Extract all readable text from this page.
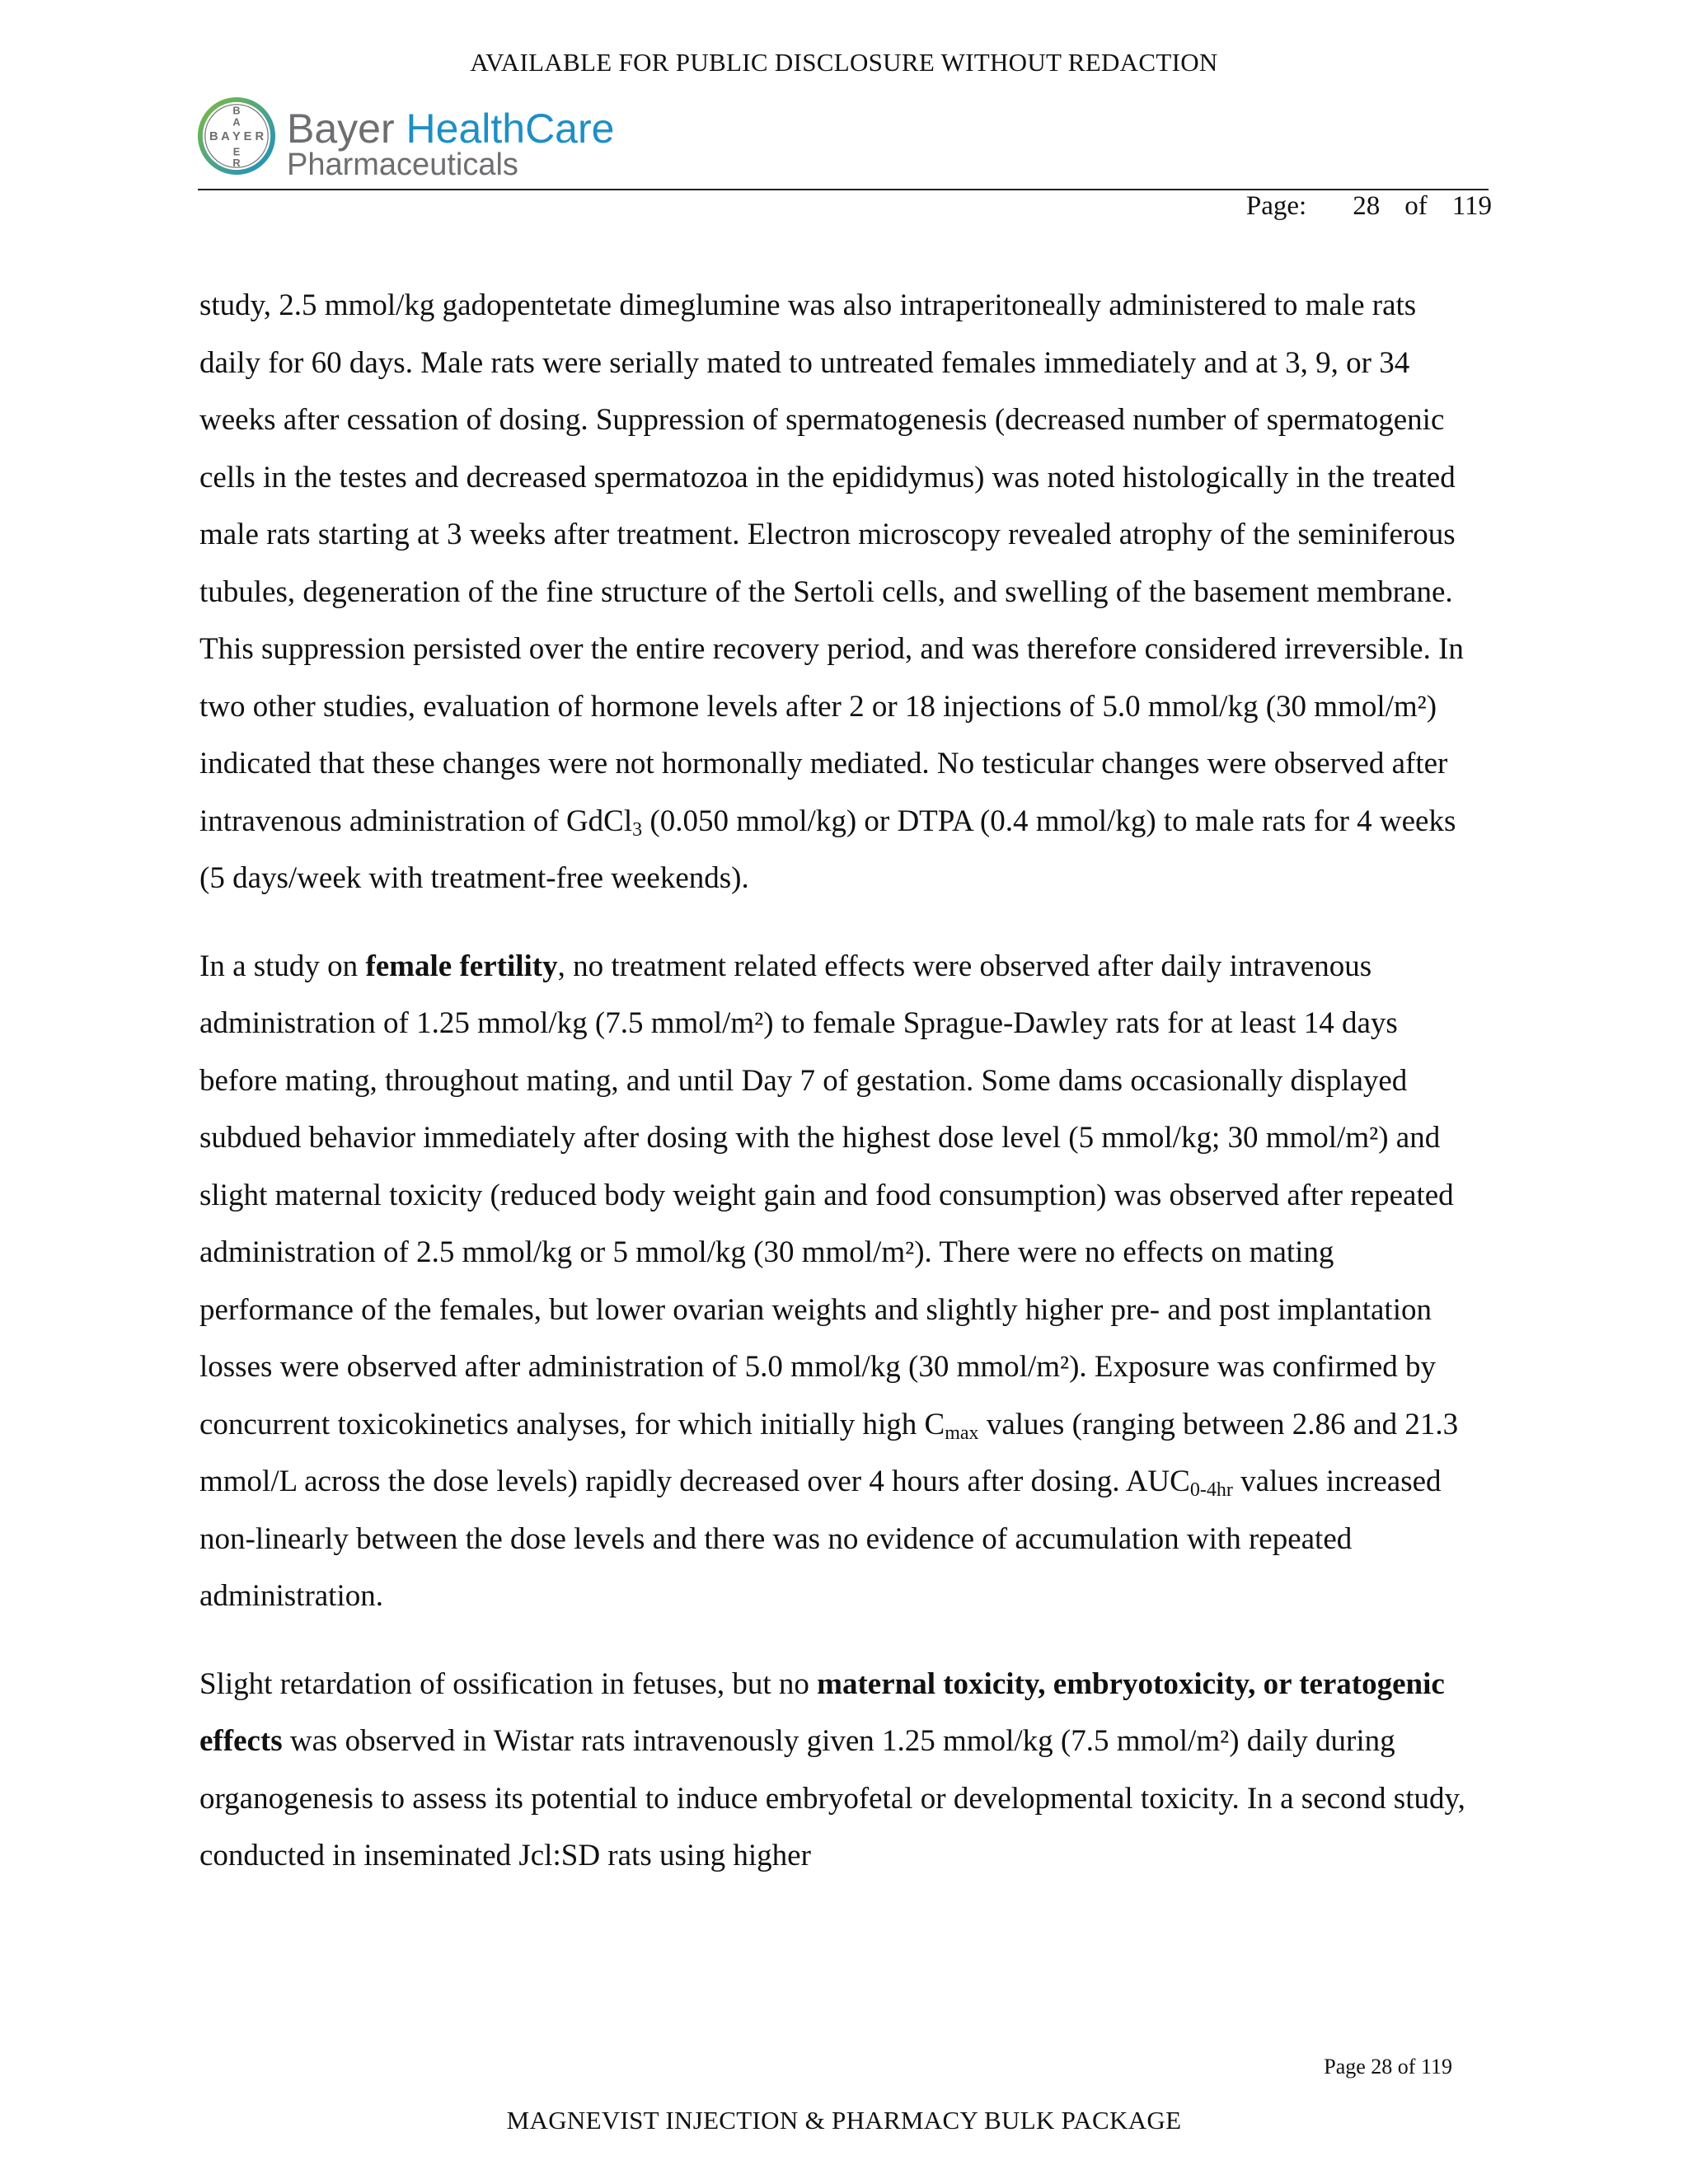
AVAILABLE FOR PUBLIC DISCLOSURE WITHOUT REDACTION
B A Y E R
B
A
E
R
Bayer HealthCare
Pharmaceuticals
Page: 28 of 119

study, 2.5 mmol/kg gadopentetate dimeglumine was also intraperitoneally administered to male rats daily for 60 days. Male rats were serially mated to untreated females immediately and at 3, 9, or 34 weeks after cessation of dosing. Suppression of spermatogenesis (decreased number of spermatogenic cells in the testes and decreased spermatozoa in the epididymus) was noted histologically in the treated male rats starting at 3 weeks after treatment. Electron microscopy revealed atrophy of the seminiferous tubules, degeneration of the fine structure of the Sertoli cells, and swelling of the basement membrane. This suppression persisted over the entire recovery period, and was therefore considered irreversible. In two other studies, evaluation of hormone levels after 2 or 18 injections of 5.0 mmol/kg (30 mmol/m²) indicated that these changes were not hormonally mediated. No testicular changes were observed after intravenous administration of GdCl$_3$ (0.050 mmol/kg) or DTPA (0.4 mmol/kg) to male rats for 4 weeks (5 days/week with treatment-free weekends).

In a study on female fertility, no treatment related effects were observed after daily intravenous administration of 1.25 mmol/kg (7.5 mmol/m²) to female Sprague-Dawley rats for at least 14 days before mating, throughout mating, and until Day 7 of gestation. Some dams occasionally displayed subdued behavior immediately after dosing with the highest dose level (5 mmol/kg; 30 mmol/m²) and slight maternal toxicity (reduced body weight gain and food consumption) was observed after repeated administration of 2.5 mmol/kg or 5 mmol/kg (30 mmol/m²). There were no effects on mating performance of the females, but lower ovarian weights and slightly higher pre- and post implantation losses were observed after administration of 5.0 mmol/kg (30 mmol/m²). Exposure was confirmed by concurrent toxicokinetics analyses, for which initially high $C_{max}$ values (ranging between 2.86 and 21.3 mmol/L across the dose levels) rapidly decreased over 4 hours after dosing. $AUC_{0-4hr}$ values increased non-linearly between the dose levels and there was no evidence of accumulation with repeated administration.

Slight retardation of ossification in fetuses, but no maternal toxicity, embryotoxicity, or teratogenic effects was observed in Wistar rats intravenously given 1.25 mmol/kg (7.5 mmol/m²) daily during organogenesis to assess its potential to induce embryofetal or developmental toxicity. In a second study, conducted in inseminated Jcl:SD rats using higher

Page 28 of 119
MAGNEVIST INJECTION & PHARMACY BULK PACKAGE
